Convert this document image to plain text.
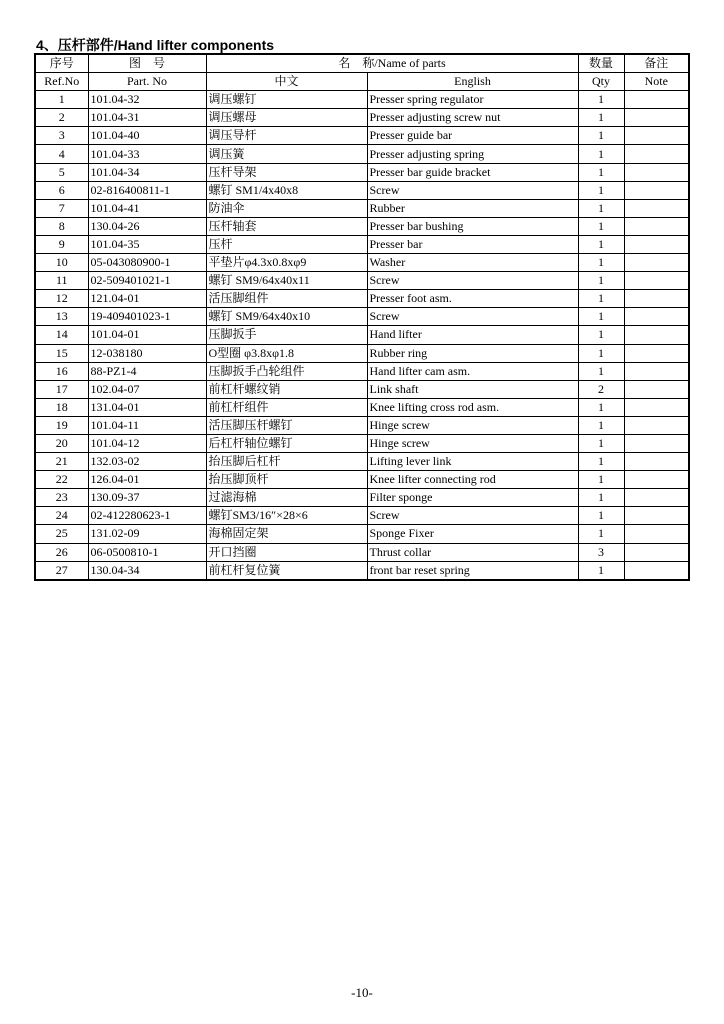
4、压杆部件/Hand lifter components
序号	图　号	名　称/Name of parts		数量	备注
Ref.No	Part. No	中文	English	Qty	Note
1	101.04-32	调压螺钉	Presser spring regulator	1	
2	101.04-31	调压螺母	Presser adjusting screw nut	1	
3	101.04-40	调压导杆	Presser guide bar	1	
4	101.04-33	调压簧	Presser adjusting spring	1	
5	101.04-34	压杆导架	Presser bar guide bracket	1	
6	02-816400811-1	螺钉 SM1/4x40x8	Screw	1	
7	101.04-41	防油伞	Rubber	1	
8	130.04-26	压杆轴套	Presser bar bushing	1	
9	101.04-35	压杆	Presser bar	1	
10	05-043080900-1	平垫片φ4.3x0.8xφ9	Washer	1	
11	02-509401021-1	螺钉 SM9/64x40x11	Screw	1	
12	121.04-01	活压脚组件	Presser foot asm.	1	
13	19-409401023-1	螺钉 SM9/64x40x10	Screw	1	
14	101.04-01	压脚扳手	Hand lifter	1	
15	12-038180	O型圈 φ3.8xφ1.8	Rubber ring	1	
16	88-PZ1-4	压脚扳手凸轮组件	Hand lifter cam asm.	1	
17	102.04-07	前杠杆螺纹销	Link shaft	2	
18	131.04-01	前杠杆组件	Knee lifting cross rod asm.	1	
19	101.04-11	活压脚压杆螺钉	Hinge screw	1	
20	101.04-12	后杠杆轴位螺钉	Hinge screw	1	
21	132.03-02	抬压脚后杠杆	Lifting lever link	1	
22	126.04-01	抬压脚顶杆	Knee lifter connecting rod	1	
23	130.09-37	过滤海棉	Filter sponge	1	
24	02-412280623-1	螺钉SM3/16″×28×6	Screw	1	
25	131.02-09	海棉固定架	Sponge Fixer	1	
26	06-0500810-1	开口挡圈	Thrust collar	3	
27	130.04-34	前杠杆复位簧	front bar reset spring	1	
-10-
